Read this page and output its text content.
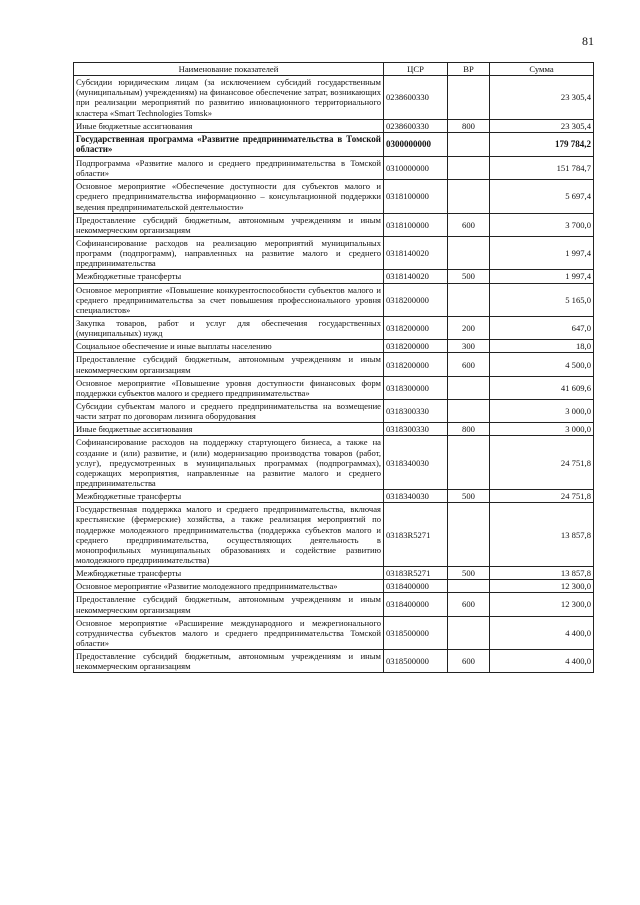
81
Наименование показателей	ЦСР	ВР	Сумма
Субсидии юридическим лицам (за исключением субсидий государственным (муниципальным) учреждениям) на финансовое обеспечение затрат, возникающих при реализации мероприятий по развитию инновационного территориального кластера «Smart Technologies Tomsk»	0238600330		23 305,4
Иные бюджетные ассигнования	0238600330	800	23 305,4
Государственная программа «Развитие предпринимательства в Томской области»	0300000000		179 784,2
Подпрограмма «Развитие малого и среднего предпринимательства в Томской области»	0310000000		151 784,7
Основное мероприятие «Обеспечение доступности для субъектов малого и среднего предпринимательства информационно – консультационной поддержки ведения предпринимательской деятельности»	0318100000		5 697,4
Предоставление субсидий бюджетным, автономным учреждениям и иным некоммерческим организациям	0318100000	600	3 700,0
Софинансирование расходов на реализацию мероприятий муниципальных программ (подпрограмм), направленных на развитие малого и среднего предпринимательства	0318140020		1 997,4
Межбюджетные трансферты	0318140020	500	1 997,4
Основное мероприятие «Повышение конкурентоспособности субъектов малого и среднего предпринимательства за счет повышения профессионального уровня специалистов»	0318200000		5 165,0
Закупка товаров, работ и услуг для обеспечения государственных (муниципальных) нужд	0318200000	200	647,0
Социальное обеспечение и иные выплаты населению	0318200000	300	18,0
Предоставление субсидий бюджетным, автономным учреждениям и иным некоммерческим организациям	0318200000	600	4 500,0
Основное мероприятие «Повышение уровня доступности финансовых форм поддержки субъектов малого и среднего предпринимательства»	0318300000		41 609,6
Субсидии субъектам малого и среднего предпринимательства на возмещение части затрат по договорам лизинга оборудования	0318300330		3 000,0
Иные бюджетные ассигнования	0318300330	800	3 000,0
Софинансирование расходов на поддержку стартующего бизнеса, а также на создание и (или) развитие, и (или) модернизацию производства товаров (работ, услуг), предусмотренных в муниципальных программах (подпрограммах), содержащих мероприятия, направленные на развитие малого и среднего предпринимательства	0318340030		24 751,8
Межбюджетные трансферты	0318340030	500	24 751,8
Государственная поддержка малого и среднего предпринимательства, включая крестьянские (фермерские) хозяйства, а также реализация мероприятий по поддержке молодежного предпринимательства (поддержка субъектов малого и среднего предпринимательства, осуществляющих деятельность в монопрофильных муниципальных образованиях и содействие развитию молодежного предпринимательства)	03183R5271		13 857,8
Межбюджетные трансферты	03183R5271	500	13 857,8
Основное мероприятие «Развитие молодежного предпринимательства»	0318400000		12 300,0
Предоставление субсидий бюджетным, автономным учреждениям и иным некоммерческим организациям	0318400000	600	12 300,0
Основное мероприятие «Расширение международного и межрегионального сотрудничества субъектов малого и среднего предпринимательства Томской области»	0318500000		4 400,0
Предоставление субсидий бюджетным, автономным учреждениям и иным некоммерческим организациям	0318500000	600	4 400,0
